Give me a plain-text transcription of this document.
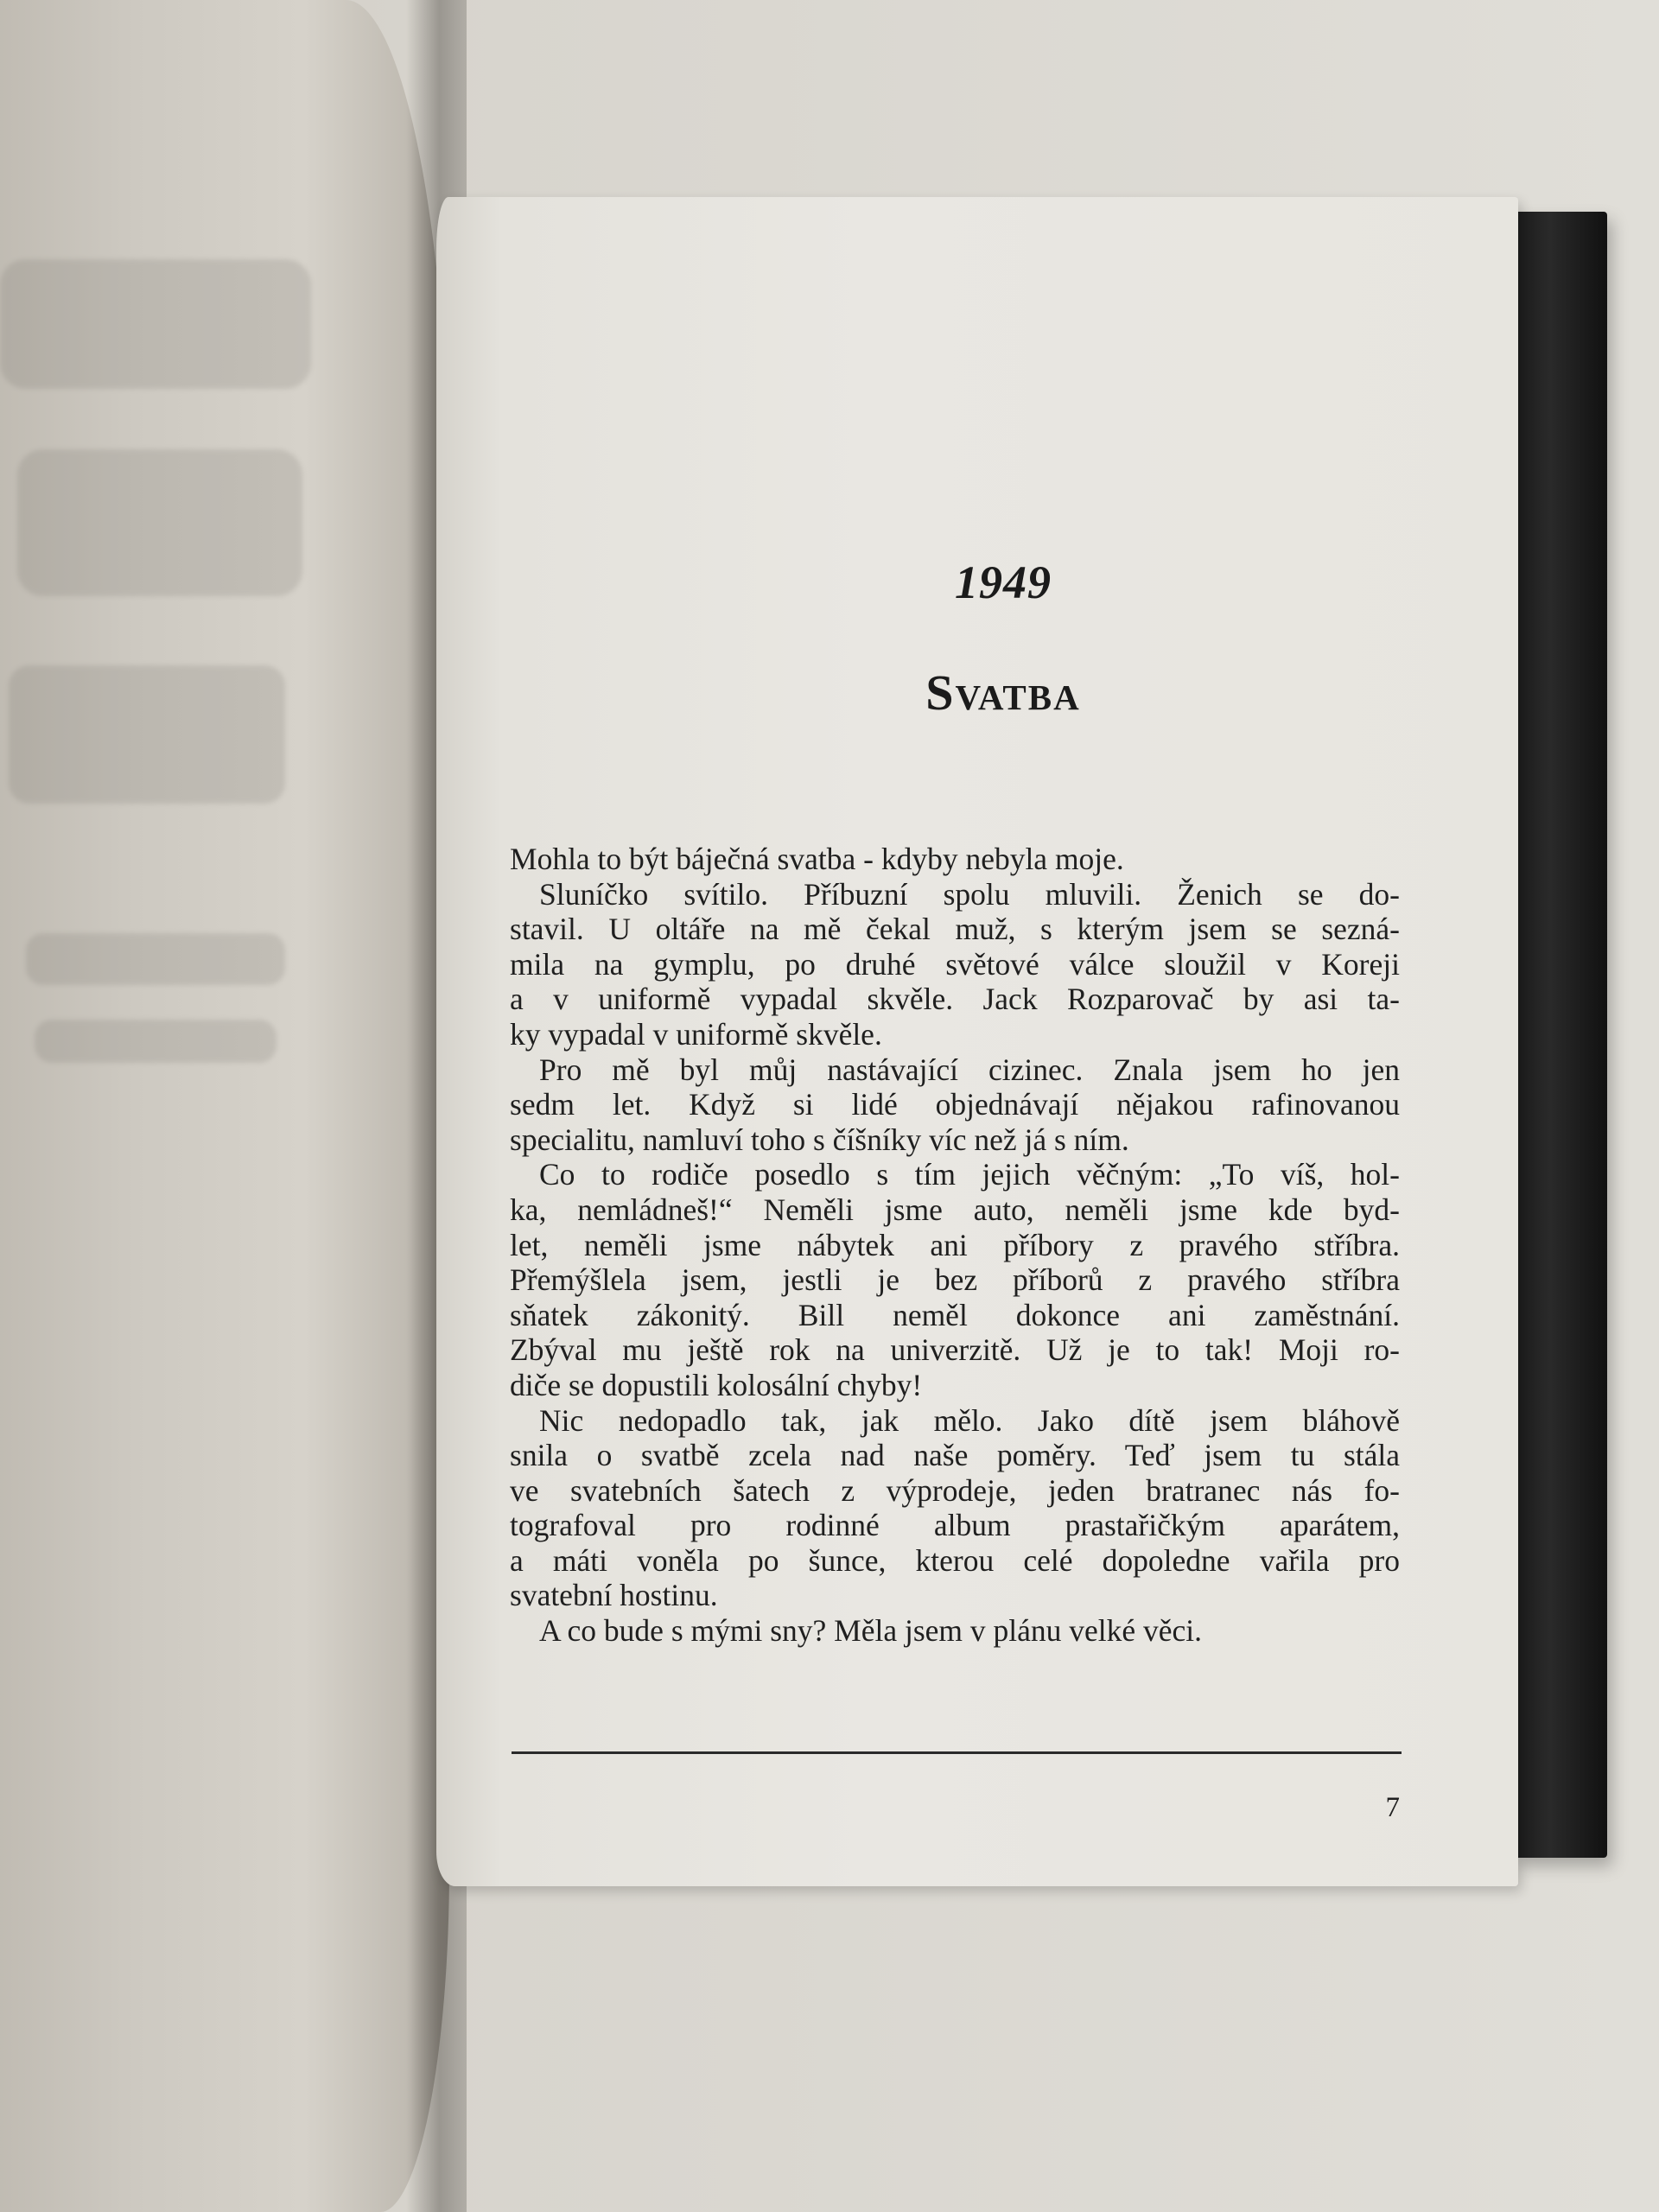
1949
Svatba
Mohla to být báječná svatba - kdyby nebyla moje.
Sluníčko svítilo. Příbuzní spolu mluvili. Ženich se do-
stavil. U oltáře na mě čekal muž, s kterým jsem se sezná-
mila na gymplu, po druhé světové válce sloužil v Koreji
a v uniformě vypadal skvěle. Jack Rozparovač by asi ta-
ky vypadal v uniformě skvěle.
Pro mě byl můj nastávající cizinec. Znala jsem ho jen
sedm let. Když si lidé objednávají nějakou rafinovanou
specialitu, namluví toho s číšníky víc než já s ním.
Co to rodiče posedlo s tím jejich věčným: „To víš, hol-
ka, nemládneš!“ Neměli jsme auto, neměli jsme kde byd-
let, neměli jsme nábytek ani příbory z pravého stříbra.
Přemýšlela jsem, jestli je bez příborů z pravého stříbra
sňatek zákonitý. Bill neměl dokonce ani zaměstnání.
Zbýval mu ještě rok na univerzitě. Už je to tak! Moji ro-
diče se dopustili kolosální chyby!
Nic nedopadlo tak, jak mělo. Jako dítě jsem bláhově
snila o svatbě zcela nad naše poměry. Teď jsem tu stála
ve svatebních šatech z výprodeje, jeden bratranec nás fo-
tografoval pro rodinné album prastařičkým aparátem,
a máti voněla po šunce, kterou celé dopoledne vařila pro
svatební hostinu.
A co bude s mými sny? Měla jsem v plánu velké věci.
7
